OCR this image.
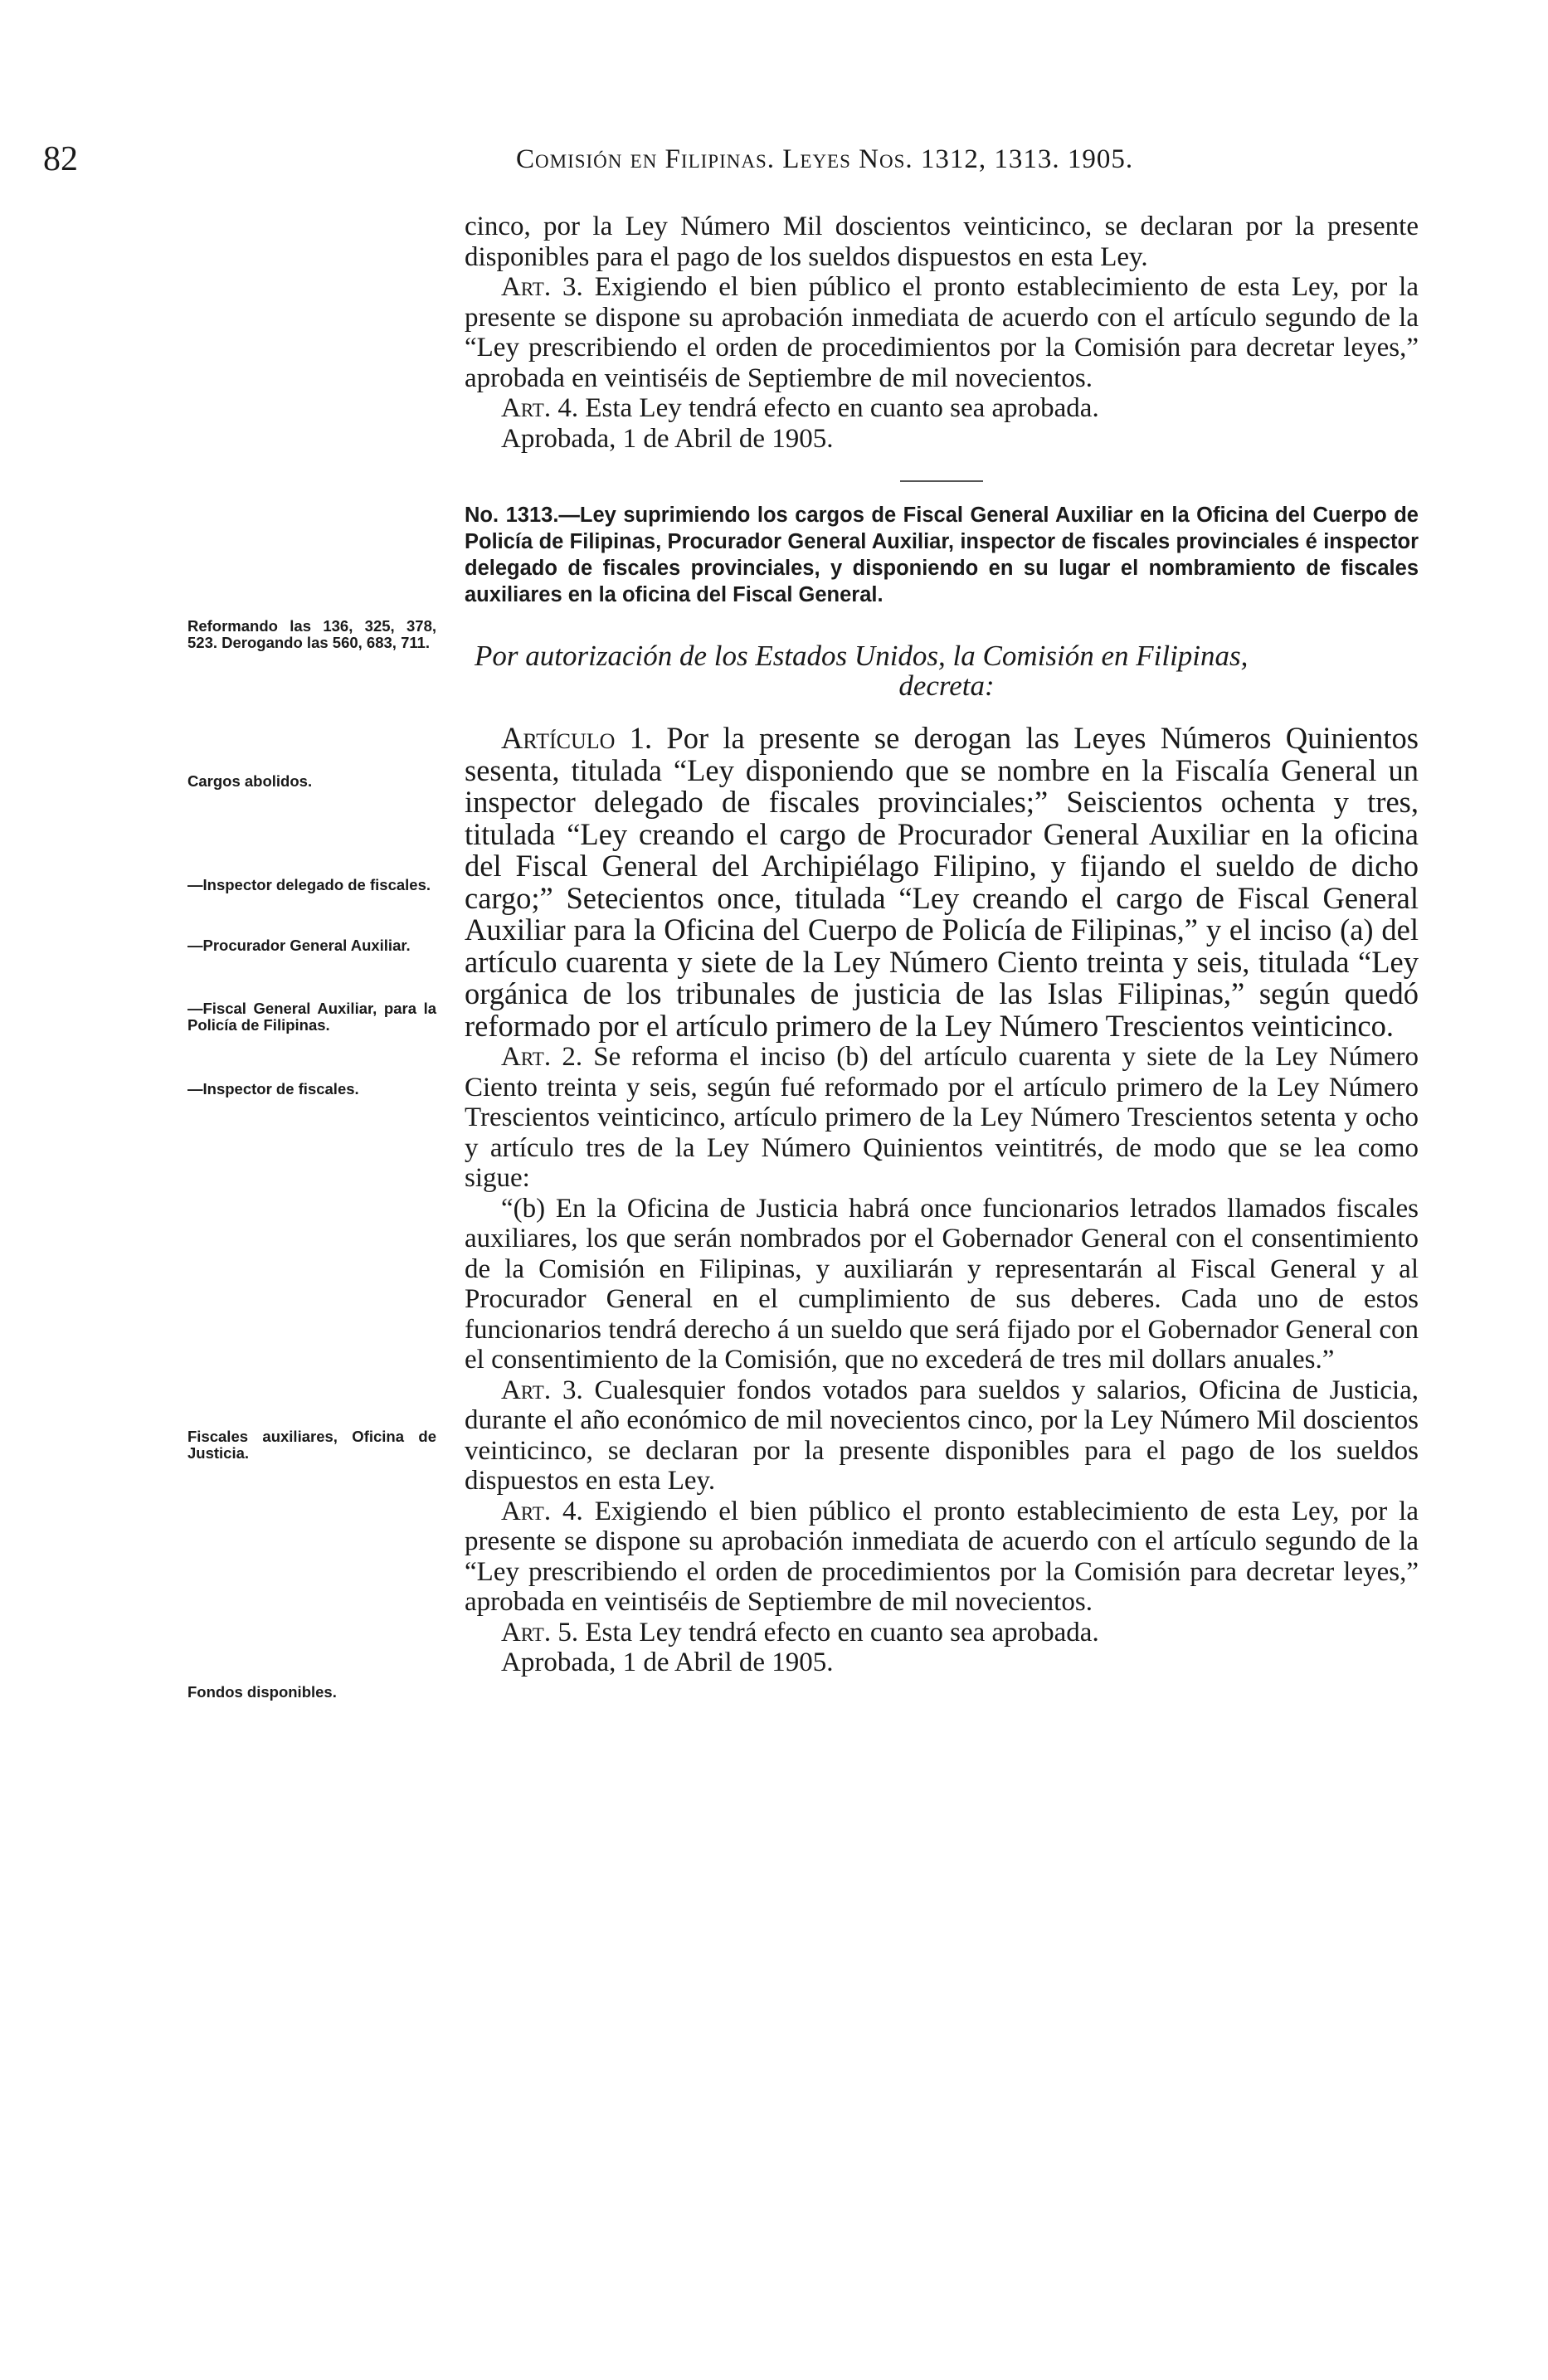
82	Comisión en Filipinas. Leyes Nos. 1312, 1313. 1905.

cinco, por la Ley Número Mil doscientos veinticinco, se declaran por la presente disponibles para el pago de los sueldos dispuestos en esta Ley.

Art. 3. Exigiendo el bien público el pronto establecimiento de esta Ley, por la presente se dispone su aprobación inmediata de acuerdo con el artículo segundo de la “Ley prescribiendo el orden de procedimientos por la Comisión para decretar leyes,” aprobada en veintiséis de Septiembre de mil novecientos.

Art. 4. Esta Ley tendrá efecto en cuanto sea aprobada.

Aprobada, 1 de Abril de 1905.

No. 1313.—Ley suprimiendo los cargos de Fiscal General Auxiliar en la Oficina del Cuerpo de Policía de Filipinas, Procurador General Auxiliar, inspector de fiscales provinciales é inspector delegado de fiscales provinciales, y disponiendo en su lugar el nombramiento de fiscales auxiliares en la oficina del Fiscal General.

Por autorización de los Estados Unidos, la Comisión en Filipinas,
decreta:

Artículo 1. Por la presente se derogan las Leyes Números Quinientos sesenta, titulada “Ley disponiendo que se nombre en la Fiscalía General un inspector delegado de fiscales provinciales;” Seiscientos ochenta y tres, titulada “Ley creando el cargo de Procurador General Auxiliar en la oficina del Fiscal General del Archipiélago Filipino, y fijando el sueldo de dicho cargo;” Setecientos once, titulada “Ley creando el cargo de Fiscal General Auxiliar para la Oficina del Cuerpo de Policía de Filipinas,” y el inciso (a) del artículo cuarenta y siete de la Ley Número Ciento treinta y seis, titulada “Ley orgánica de los tribunales de justicia de las Islas Filipinas,” según quedó reformado por el artículo primero de la Ley Número Trescientos veinticinco.

Art. 2. Se reforma el inciso (b) del artículo cuarenta y siete de la Ley Número Ciento treinta y seis, según fué reformado por el artículo primero de la Ley Número Trescientos veinticinco, artículo primero de la Ley Número Trescientos setenta y ocho y artículo tres de la Ley Número Quinientos veintitrés, de modo que se lea como sigue:

“(b) En la Oficina de Justicia habrá once funcionarios letrados llamados fiscales auxiliares, los que serán nombrados por el Gobernador General con el consentimiento de la Comisión en Filipinas, y auxiliarán y representarán al Fiscal General y al Procurador General en el cumplimiento de sus deberes. Cada uno de estos funcionarios tendrá derecho á un sueldo que será fijado por el Gobernador General con el consentimiento de la Comisión, que no excederá de tres mil dollars anuales.”

Art. 3. Cualesquier fondos votados para sueldos y salarios, Oficina de Justicia, durante el año económico de mil novecientos cinco, por la Ley Número Mil doscientos veinticinco, se declaran por la presente disponibles para el pago de los sueldos dispuestos en esta Ley.

Art. 4. Exigiendo el bien público el pronto establecimiento de esta Ley, por la presente se dispone su aprobación inmediata de acuerdo con el artículo segundo de la “Ley prescribiendo el orden de procedimientos por la Comisión para decretar leyes,” aprobada en veintiséis de Septiembre de mil novecientos.

Art. 5. Esta Ley tendrá efecto en cuanto sea aprobada.

Aprobada, 1 de Abril de 1905.

Reformando las 136, 325, 378, 523. Derogando las 560, 683, 711.
Cargos abolidos.
—Inspector delegado de fiscales.
—Procurador General Auxiliar.
—Fiscal General Auxiliar, para la Policía de Filipinas.
—Inspector de fiscales.
Fiscales auxiliares, Oficina de Justicia.
Fondos disponibles.
